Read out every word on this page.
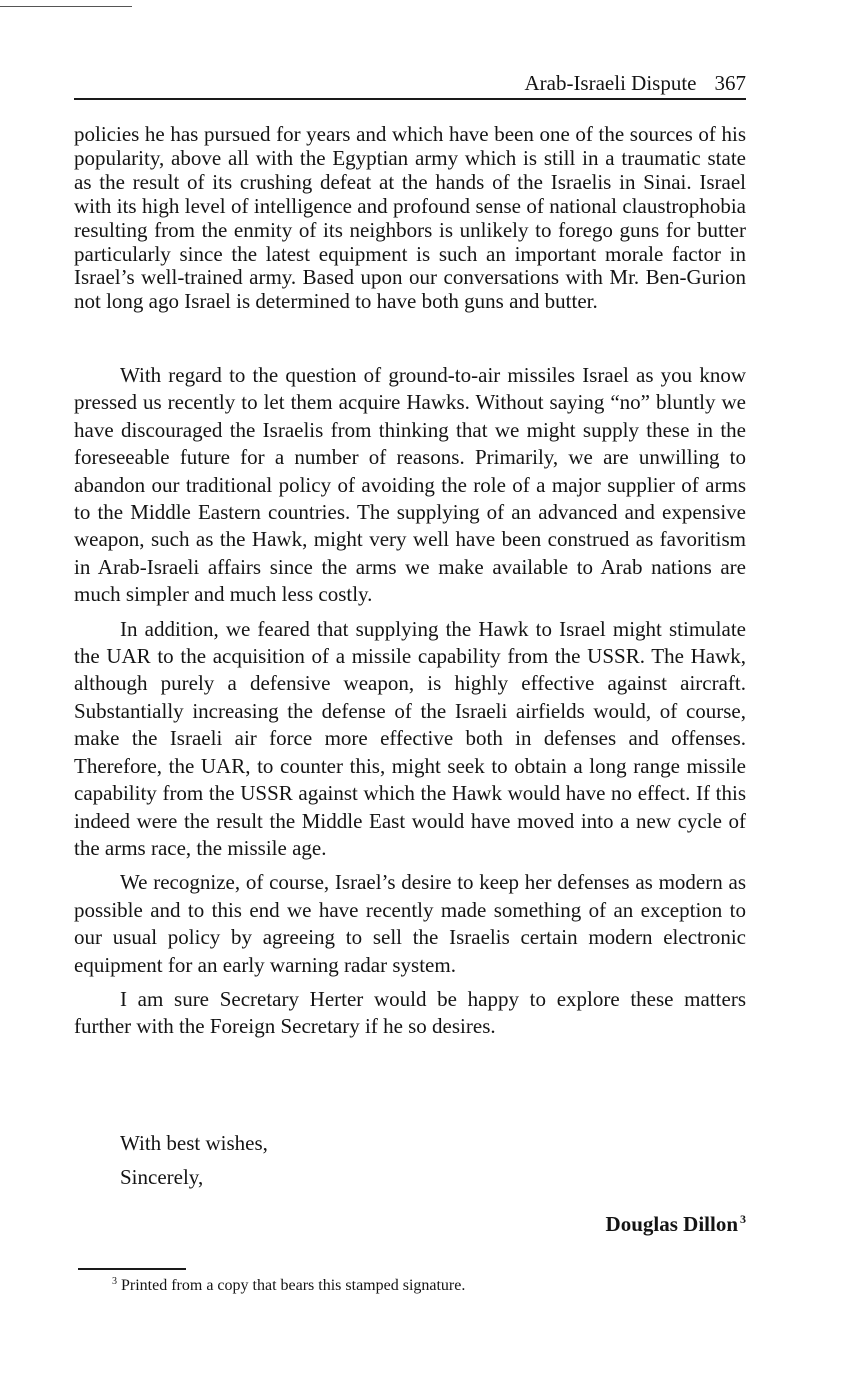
Arab-Israeli Dispute 367

policies he has pursued for years and which have been one of the sources of his popularity, above all with the Egyptian army which is still in a traumatic state as the result of its crushing defeat at the hands of the Israelis in Sinai. Israel with its high level of intelligence and profound sense of national claustrophobia resulting from the enmity of its neighbors is unlikely to forego guns for butter particularly since the latest equipment is such an important morale factor in Israel’s well-trained army. Based upon our conversations with Mr. Ben-Gurion not long ago Israel is determined to have both guns and butter.

With regard to the question of ground-to-air missiles Israel as you know pressed us recently to let them acquire Hawks. Without saying “no” bluntly we have discouraged the Israelis from thinking that we might supply these in the foreseeable future for a number of reasons. Primarily, we are unwilling to abandon our traditional policy of avoiding the role of a major supplier of arms to the Middle Eastern countries. The supplying of an advanced and expensive weapon, such as the Hawk, might very well have been construed as favoritism in Arab-Israeli affairs since the arms we make available to Arab nations are much simpler and much less costly.

In addition, we feared that supplying the Hawk to Israel might stimulate the UAR to the acquisition of a missile capability from the USSR. The Hawk, although purely a defensive weapon, is highly effective against aircraft. Substantially increasing the defense of the Israeli airfields would, of course, make the Israeli air force more effective both in defenses and offenses. Therefore, the UAR, to counter this, might seek to obtain a long range missile capability from the USSR against which the Hawk would have no effect. If this indeed were the result the Middle East would have moved into a new cycle of the arms race, the missile age.

We recognize, of course, Israel’s desire to keep her defenses as modern as possible and to this end we have recently made something of an exception to our usual policy by agreeing to sell the Israelis certain modern electronic equipment for an early warning radar system.

I am sure Secretary Herter would be happy to explore these matters further with the Foreign Secretary if he so desires.

With best wishes,
Sincerely,
Douglas Dillon $^3$
$^3$ Printed from a copy that bears this stamped signature.
